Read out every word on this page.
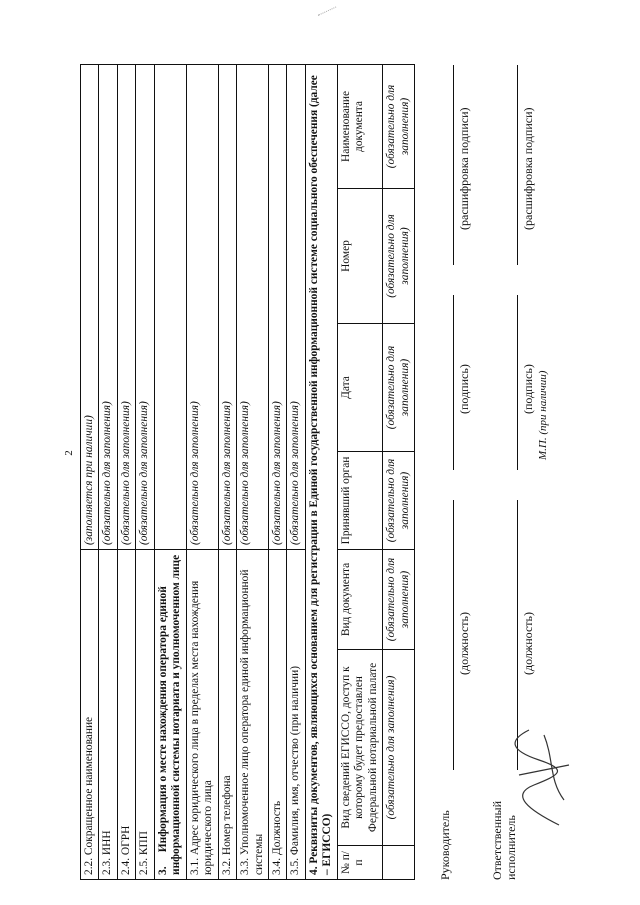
2
2.2. Сокращенное наименование			(заполняется при наличии)			
2.3. ИНН			(обязательно для заполнения)			
2.4. ОГРН			(обязательно для заполнения)			
2.5. КПП			(обязательно для заполнения)			
3.     Информация о месте нахождения оператора единой информационной системы нотариата и уполномоченном лице						
3.1. Адрес юридического лица в пределах места нахождения юридического лица			(обязательно для заполнения)			
3.2. Номер телефона			(обязательно для заполнения)			
3.3. Уполномоченное лицо оператора единой информационной системы			(обязательно для заполнения)			
3.4. Должность			(обязательно для заполнения)			
3.5. Фамилия, имя, отчество (при наличии)			(обязательно для заполнения)			
4. Реквизиты документов, являющихся основанием для регистрации в Единой государственной информационной системе социального обеспечения (далее – ЕГИССО)						
№ п/п	Вид сведений ЕГИССО, доступ к которому будет предоставлен Федеральной нотариальной палате	Вид документа	Принявший орган	Дата	Номер	Наименование документа
	(обязательно для заполнения)	(обязательно для заполнения)	(обязательно для заполнения)	(обязательно для заполнения)	(обязательно для заполнения)	(обязательно для заполнения)
Руководитель
(должность)
(подпись)
(расшифровка подписи)
Ответственный исполнитель
(должность)
(подпись) М.П. (при наличии)
(расшифровка подписи)
